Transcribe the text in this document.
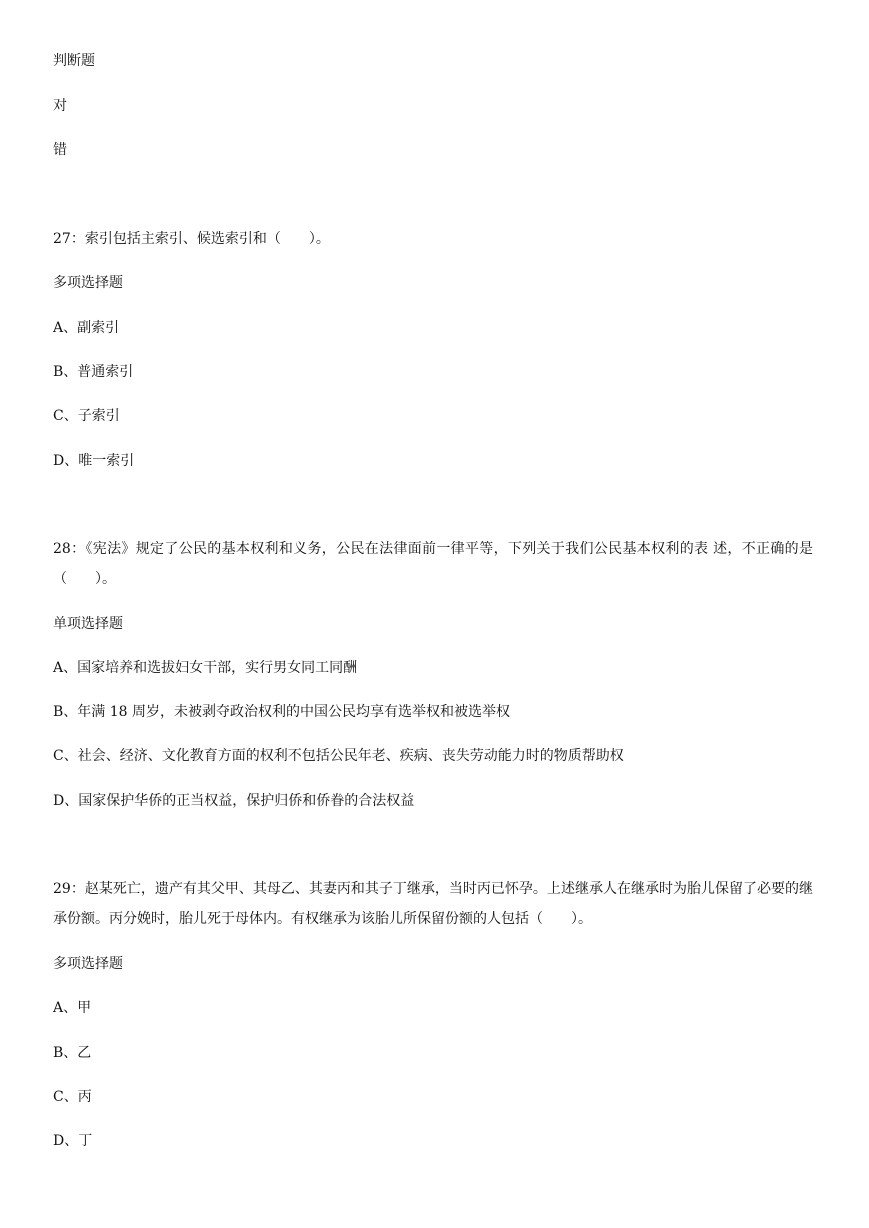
判断题

对

错

27：索引包括主索引、候选索引和（　　）。

多项选择题

A、副索引

B、普通索引

C、子索引

D、唯一索引

28：《宪法》规定了公民的基本权利和义务，公民在法律面前一律平等，下列关于我们公民基本权利的表 述，不正确的是（　　）。

单项选择题

A、国家培养和选拔妇女干部，实行男女同工同酬

B、年满 18 周岁，未被剥夺政治权利的中国公民均享有选举权和被选举权

C、社会、经济、文化教育方面的权利不包括公民年老、疾病、丧失劳动能力时的物质帮助权

D、国家保护华侨的正当权益，保护归侨和侨眷的合法权益

29：赵某死亡，遗产有其父甲、其母乙、其妻丙和其子丁继承，当时丙已怀孕。上述继承人在继承时为胎儿保留了必要的继承份额。丙分娩时，胎儿死于母体内。有权继承为该胎儿所保留份额的人包括（　　）。

多项选择题

A、甲

B、乙

C、丙

D、丁
